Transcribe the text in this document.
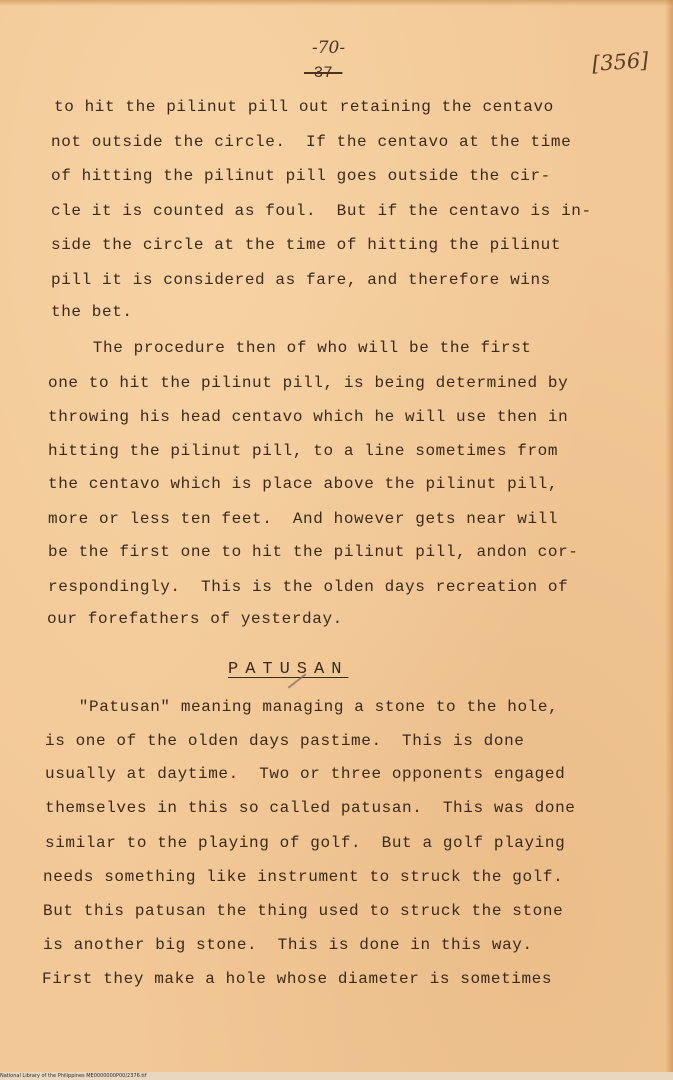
-70-
-37-	[356]
to hit the pilinut pill out retaining the centavo
not outside the circle.  If the centavo at the time
of hitting the pilinut pill goes outside the cir-
cle it is counted as foul.  But if the centavo is in-
side the circle at the time of hitting the pilinut
pill it is considered as fare, and therefore wins
the bet.
The procedure then of who will be the first
one to hit the pilinut pill, is being determined by
throwing his head centavo which he will use then in
hitting the pilinut pill, to a line sometimes from
the centavo which is place above the pilinut pill,
more or less ten feet.  And however gets near will
be the first one to hit the pilinut pill, andon cor-
respondingly.  This is the olden days recreation of
our forefathers of yesterday.
PATUSAN
"Patusan" meaning managing a stone to the hole,
is one of the olden days pastime.  This is done
usually at daytime.  Two or three opponents engaged
themselves in this so called patusan.  This was done
similar to the playing of golf.  But a golf playing
needs something like instrument to struck the golf.
But this patusan the thing used to struck the stone
is another big stone.  This is done in this way.
First they make a hole whose diameter is sometimes
National Library of the Philippines ME0000000P00/2376.tif
